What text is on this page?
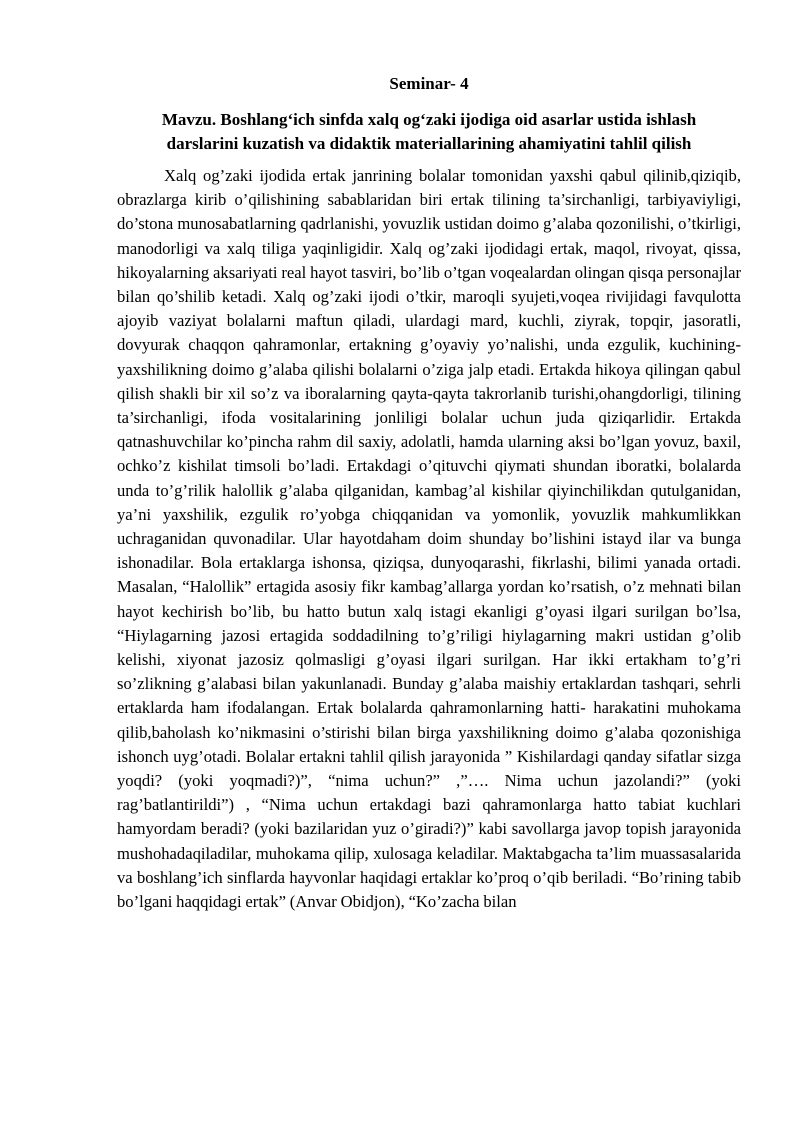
Seminar- 4
Mavzu. Boshlang‘ich sinfda xalq og‘zaki ijodiga oid asarlar ustida ishlash
darslarini kuzatish va didaktik materiallarining ahamiyatini tahlil qilish

Xalq og’zaki ijodida ertak janrining bolalar tomonidan yaxshi qabul qilinib,qiziqib, obrazlarga kirib o’qilishining sabablaridan biri ertak tilining ta’sirchanligi, tarbiyaviyligi, do’stona munosabatlarning qadrlanishi, yovuzlik ustidan doimo g’alaba qozonilishi, o’tkirligi, manodorligi va xalq tiliga yaqinligidir. Xalq og’zaki ijodidagi ertak, maqol, rivoyat, qissa, hikoyalarning aksariyati real hayot tasviri, bo’lib o’tgan voqealardan olingan qisqa personajlar bilan qo’shilib ketadi. Xalq og’zaki ijodi o’tkir, maroqli syujeti,voqea rivijidagi favqulotta ajoyib vaziyat bolalarni maftun qiladi, ulardagi mard, kuchli, ziyrak, topqir, jasoratli, dovyurak chaqqon qahramonlar, ertakning g’oyaviy yo’nalishi, unda ezgulik, kuchining- yaxshilikning doimo g’alaba qilishi bolalarni o’ziga jalp etadi. Ertakda hikoya qilingan qabul qilish shakli bir xil so’z va iboralarning qayta-qayta takrorlanib turishi,ohangdorligi, tilining ta’sirchanligi, ifoda vositalarining jonliligi bolalar uchun juda qiziqarlidir. Ertakda qatnashuvchilar ko’pincha rahm dil saxiy, adolatli, hamda ularning aksi bo’lgan yovuz, baxil, ochko’z kishilat timsoli bo’ladi. Ertakdagi o’qituvchi qiymati shundan iboratki, bolalarda unda to’g’rilik halollik g’alaba qilganidan, kambag’al kishilar qiyinchilikdan qutulganidan, ya’ni yaxshilik, ezgulik ro’yobga chiqqanidan va yomonlik, yovuzlik mahkumlikkan uchraganidan quvonadilar. Ular hayotdaham doim shunday bo’lishini istayd ilar va bunga ishonadilar. Bola ertaklarga ishonsa, qiziqsa, dunyoqarashi, fikrlashi, bilimi yanada ortadi. Masalan, “Halollik” ertagida asosiy fikr kambag’allarga yordan ko’rsatish, o’z mehnati bilan hayot kechirish bo’lib, bu hatto butun xalq istagi ekanligi g’oyasi ilgari surilgan bo’lsa, “Hiylagarning jazosi ertagida soddadilning to’g’riligi hiylagarning makri ustidan g’olib kelishi, xiyonat jazosiz qolmasligi g’oyasi ilgari surilgan. Har ikki ertakham to’g’ri so’zlikning g’alabasi bilan yakunlanadi. Bunday g’alaba maishiy ertaklardan tashqari, sehrli ertaklarda ham ifodalangan. Ertak bolalarda qahramonlarning hatti- harakatini muhokama qilib,baholash ko’nikmasini o’stirishi bilan birga yaxshilikning doimo g’alaba qozonishiga ishonch uyg’otadi. Bolalar ertakni tahlil qilish jarayonida ” Kishilardagi qanday sifatlar sizga yoqdi? (yoki yoqmadi?)”, “nima uchun?” ,”…. Nima uchun jazolandi?” (yoki rag’batlantirildi”) , “Nima uchun ertakdagi bazi qahramonlarga hatto tabiat kuchlari hamyordam beradi? (yoki bazilaridan yuz o’giradi?)” kabi savollarga javop topish jarayonida mushohadaqiladilar, muhokama qilip, xulosaga keladilar. Maktabgacha ta’lim muassasalarida va boshlang’ich sinflarda hayvonlar haqidagi ertaklar ko’proq o’qib beriladi. “Bo’rining tabib bo’lgani haqqidagi ertak” (Anvar Obidjon), “Ko’zacha bilan
